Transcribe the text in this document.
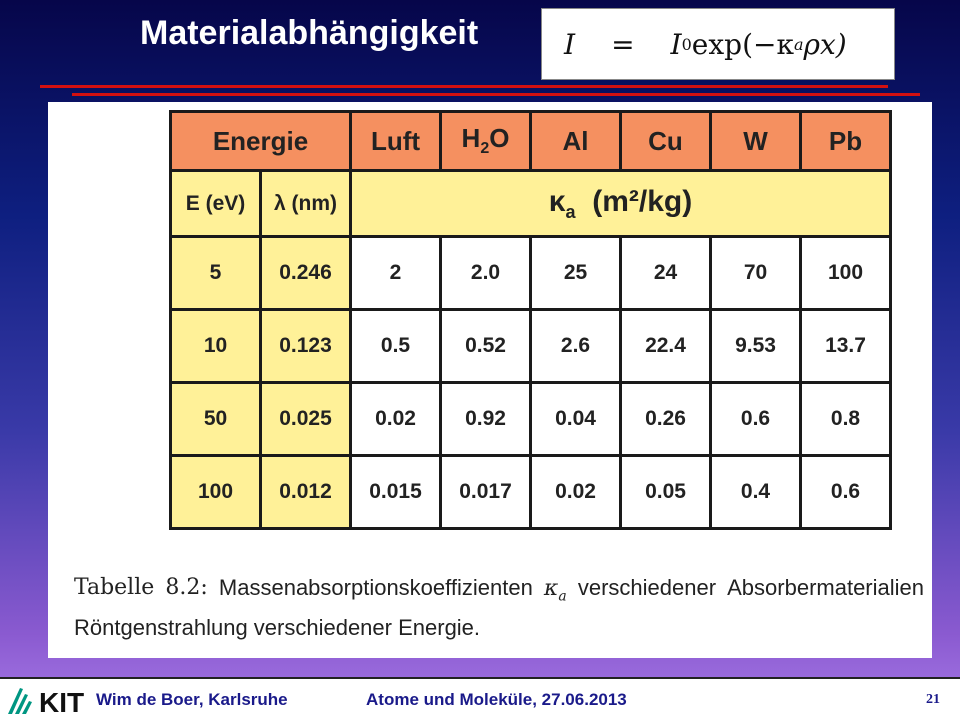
Materialabhängigkeit	I = I 0 exp(−κ a ρx)
Energie		Luft	$H_2O$	Al	Cu	W	Pb
E (eV)	λ (nm)	$\kappa_a$ (m²/kg)					
5	0.246	2	2.0	25	24	70	100
10	0.123	0.5	0.52	2.6	22.4	9.53	13.7
50	0.025	0.02	0.92	0.04	0.26	0.6	0.8
100	0.012	0.015	0.017	0.02	0.05	0.4	0.6
Tabelle 8.2: Massenabsorptionskoeffizienten $\kappa_a$ verschiedener Absorbermaterialien
Röntgenstrahlung verschiedener Energie.
KIT Wim de Boer, Karlsruhe	Atome und Moleküle, 27.06.2013	21
